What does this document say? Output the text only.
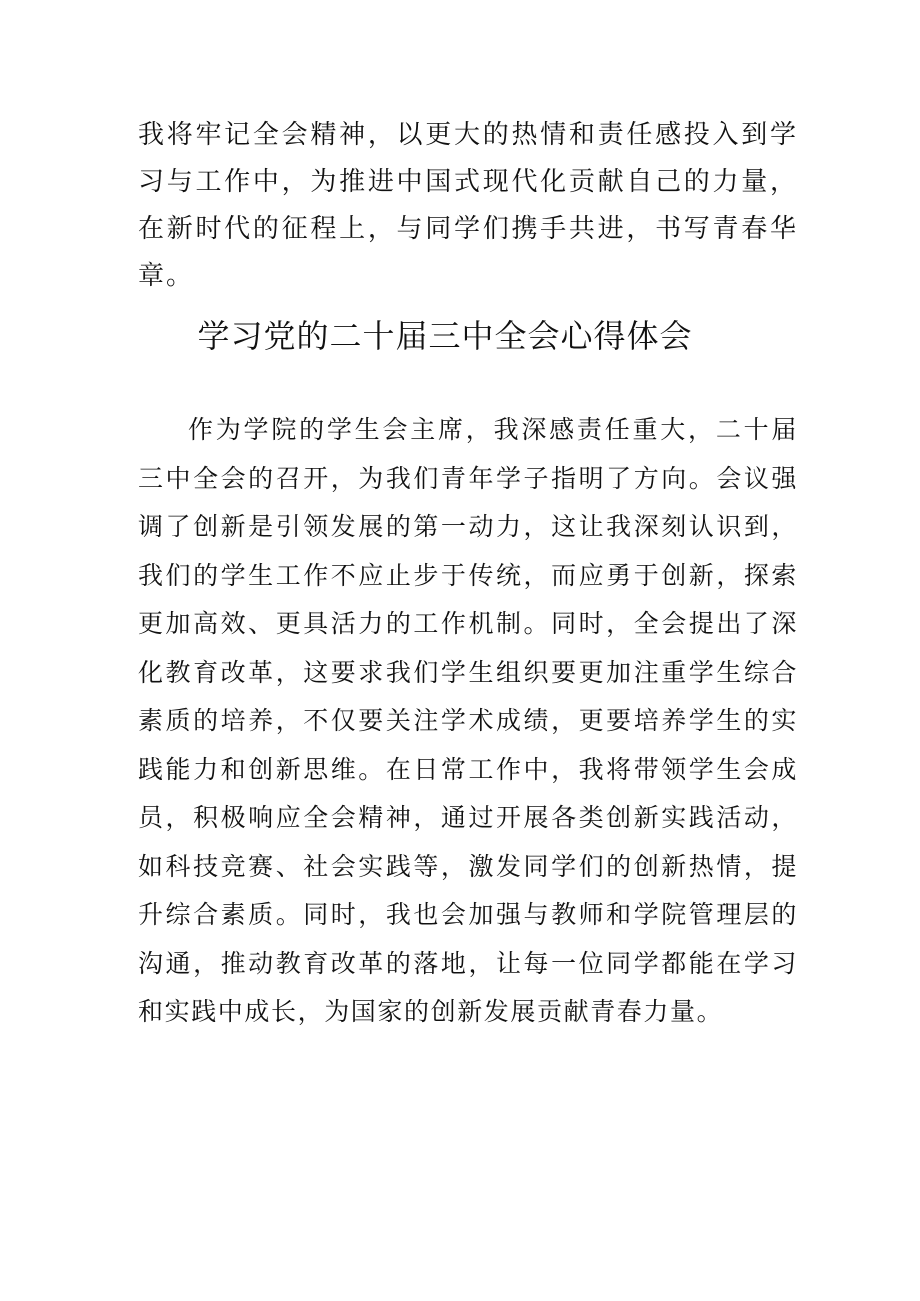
我将牢记全会精神，以更大的热情和责任感投入到学习与工作中，为推进中国式现代化贡献自己的力量，在新时代的征程上，与同学们携手共进，书写青春华章。

学习党的二十届三中全会心得体会

作为学院的学生会主席，我深感责任重大，二十届三中全会的召开，为我们青年学子指明了方向。会议强调了创新是引领发展的第一动力，这让我深刻认识到，我们的学生工作不应止步于传统，而应勇于创新，探索更加高效、更具活力的工作机制。同时，全会提出了深化教育改革，这要求我们学生组织要更加注重学生综合素质的培养，不仅要关注学术成绩，更要培养学生的实践能力和创新思维。在日常工作中，我将带领学生会成员，积极响应全会精神，通过开展各类创新实践活动，如科技竞赛、社会实践等，激发同学们的创新热情，提升综合素质。同时，我也会加强与教师和学院管理层的沟通，推动教育改革的落地，让每一位同学都能在学习和实践中成长，为国家的创新发展贡献青春力量。
